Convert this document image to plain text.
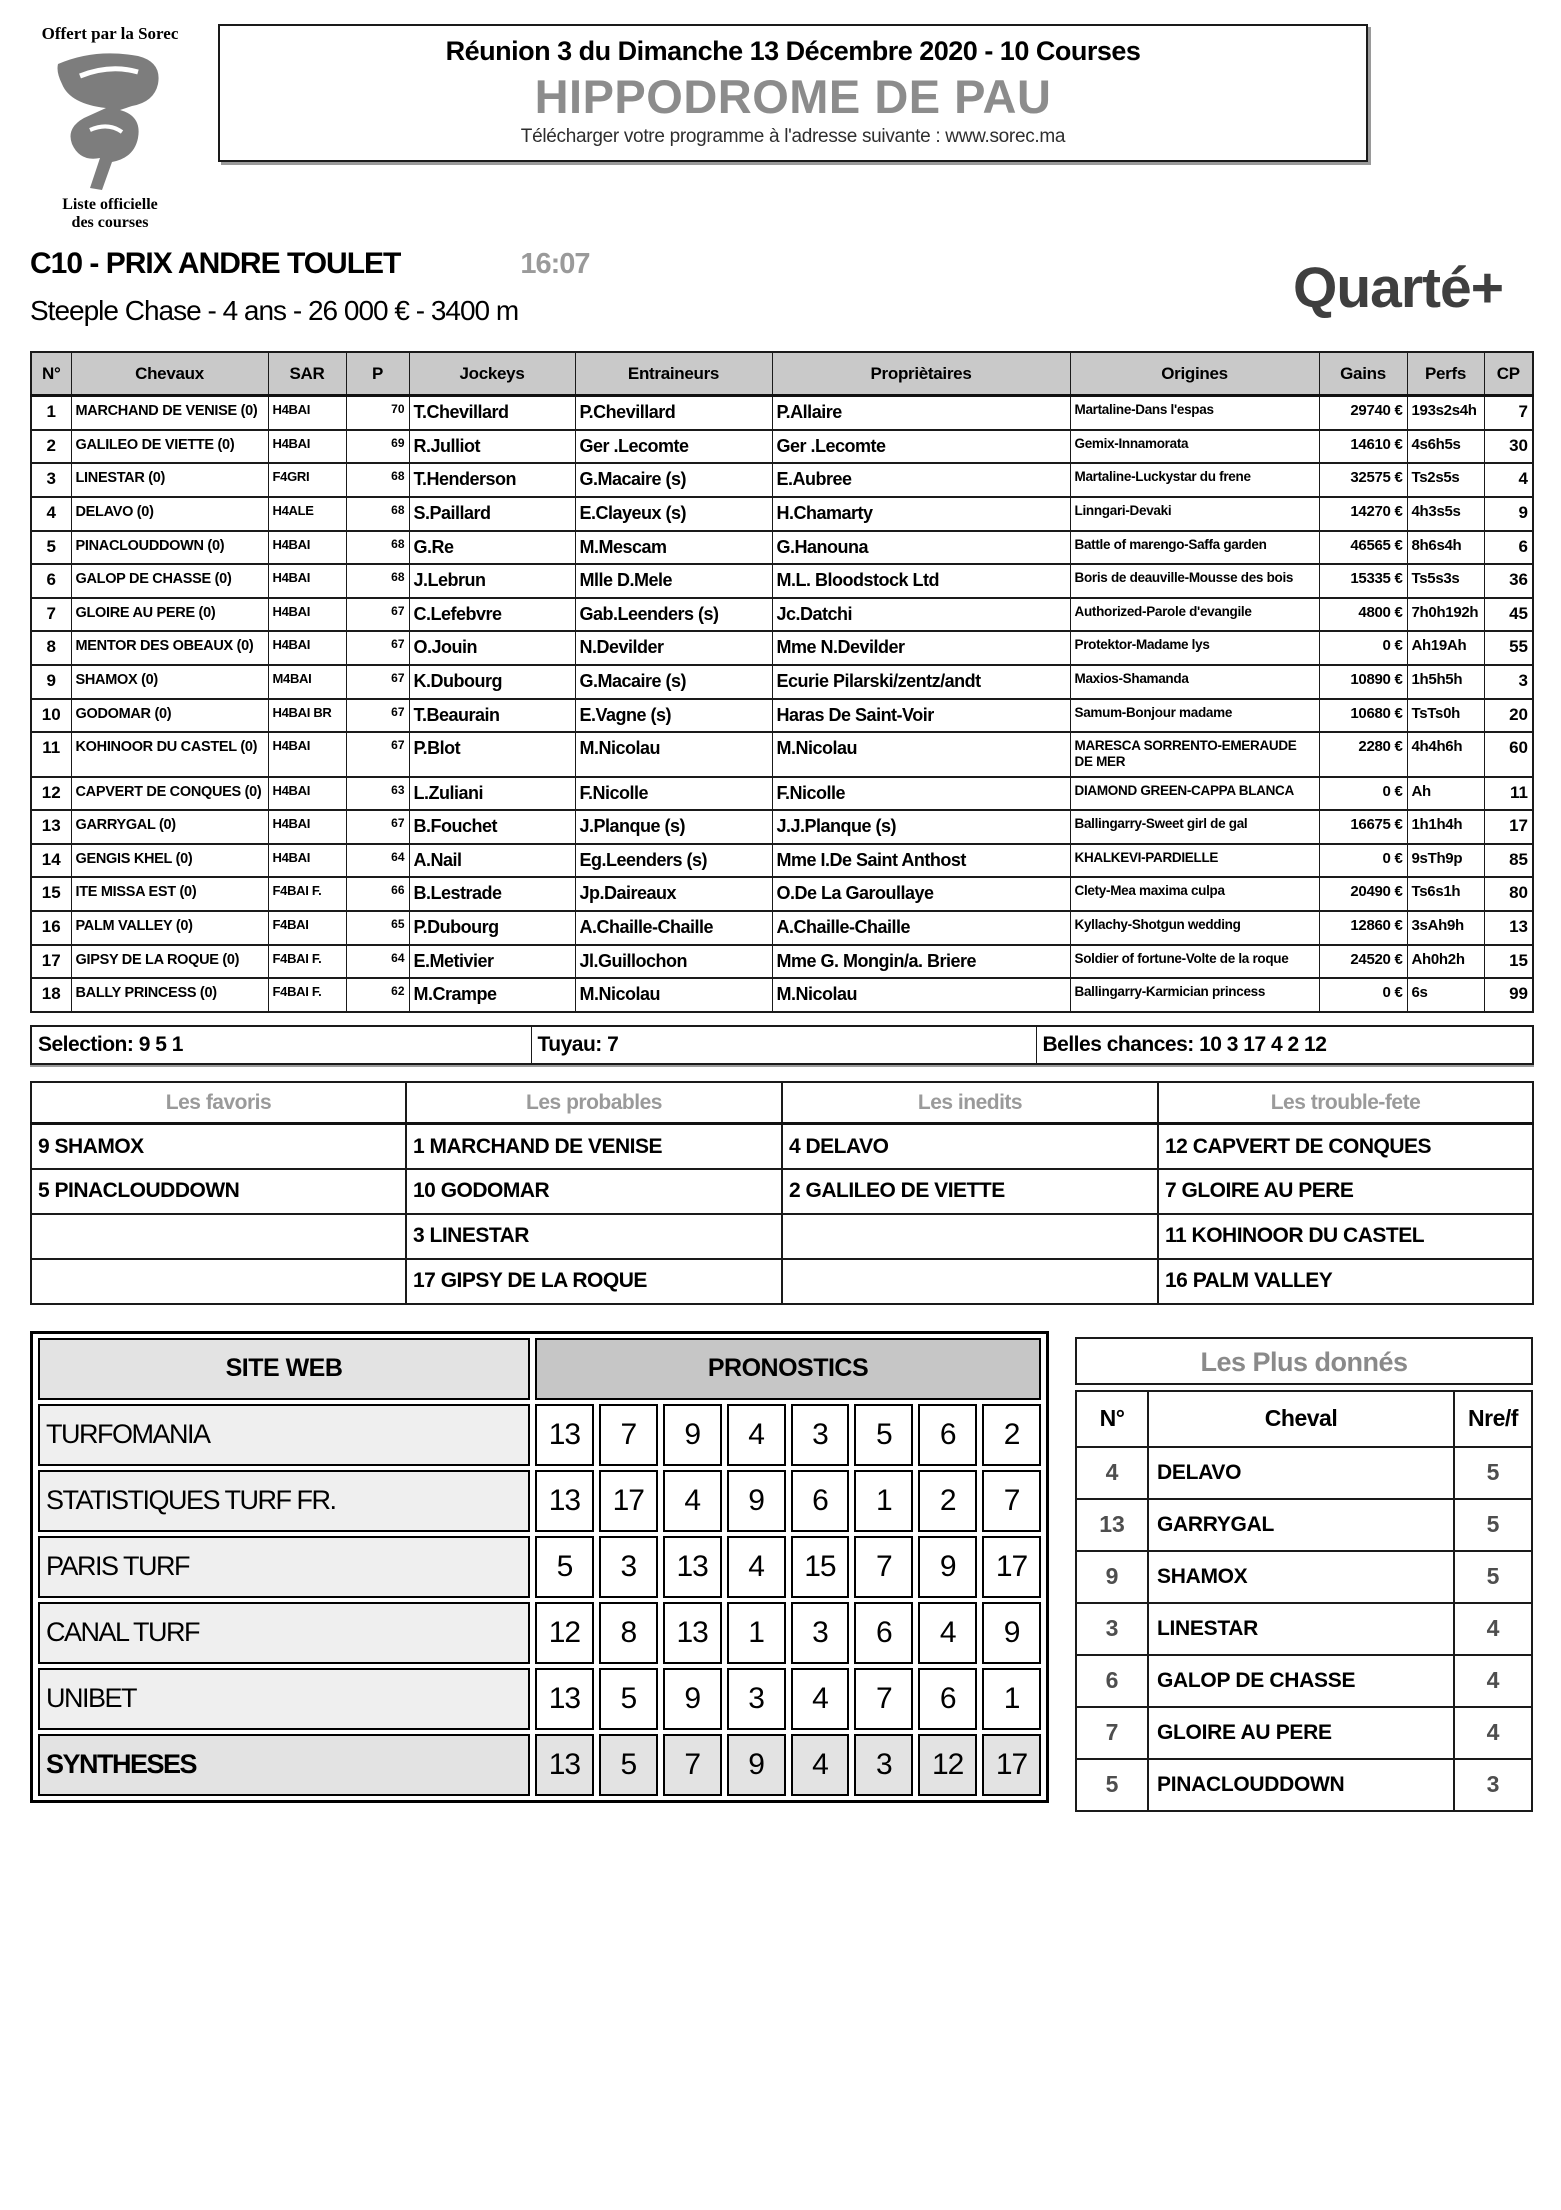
Offert par la Sorec
Liste officielle des courses
Réunion 3 du Dimanche 13 Décembre 2020 - 10 Courses
HIPPODROME DE PAU
Télécharger votre programme à l'adresse suivante : www.sorec.ma
C10 - PRIX ANDRE TOULET	16:07	Quarté+
Steeple Chase - 4 ans - 26 000 € - 3400 m
N°	Chevaux	SAR	P	Jockeys	Entraineurs	Propriètaires	Origines	Gains	Perfs	CP
1	MARCHAND DE VENISE (0)	H4BAI	70	T.Chevillard	P.Chevillard	P.Allaire	Martaline-Dans l'espas	29740 €	193s2s4h	7
2	GALILEO DE VIETTE (0)	H4BAI	69	R.Julliot	Ger .Lecomte	Ger .Lecomte	Gemix-Innamorata	14610 €	4s6h5s	30
3	LINESTAR (0)	F4GRI	68	T.Henderson	G.Macaire (s)	E.Aubree	Martaline-Luckystar du frene	32575 €	Ts2s5s	4
4	DELAVO (0)	H4ALE	68	S.Paillard	E.Clayeux (s)	H.Chamarty	Linngari-Devaki	14270 €	4h3s5s	9
5	PINACLOUDDOWN (0)	H4BAI	68	G.Re	M.Mescam	G.Hanouna	Battle of marengo-Saffa garden	46565 €	8h6s4h	6
6	GALOP DE CHASSE (0)	H4BAI	68	J.Lebrun	Mlle D.Mele	M.L. Bloodstock Ltd	Boris de deauville-Mousse des bois	15335 €	Ts5s3s	36
7	GLOIRE AU PERE (0)	H4BAI	67	C.Lefebvre	Gab.Leenders (s)	Jc.Datchi	Authorized-Parole d'evangile	4800 €	7h0h192h	45
8	MENTOR DES OBEAUX (0)	H4BAI	67	O.Jouin	N.Devilder	Mme N.Devilder	Protektor-Madame lys	0 €	Ah19Ah	55
9	SHAMOX (0)	M4BAI	67	K.Dubourg	G.Macaire (s)	Ecurie Pilarski/zentz/andt	Maxios-Shamanda	10890 €	1h5h5h	3
10	GODOMAR (0)	H4BAI BR	67	T.Beaurain	E.Vagne (s)	Haras De Saint-Voir	Samum-Bonjour madame	10680 €	TsTs0h	20
11	KOHINOOR DU CASTEL (0)	H4BAI	67	P.Blot	M.Nicolau	M.Nicolau	MARESCA SORRENTO-EMERAUDE DE MER	2280 €	4h4h6h	60
12	CAPVERT DE CONQUES (0)	H4BAI	63	L.Zuliani	F.Nicolle	F.Nicolle	DIAMOND GREEN-CAPPA BLANCA	0 €	Ah	11
13	GARRYGAL (0)	H4BAI	67	B.Fouchet	J.Planque (s)	J.J.Planque (s)	Ballingarry-Sweet girl de gal	16675 €	1h1h4h	17
14	GENGIS KHEL (0)	H4BAI	64	A.Nail	Eg.Leenders (s)	Mme I.De Saint Anthost	KHALKEVI-PARDIELLE	0 €	9sTh9p	85
15	ITE MISSA EST (0)	F4BAI F.	66	B.Lestrade	Jp.Daireaux	O.De La Garoullaye	Clety-Mea maxima culpa	20490 €	Ts6s1h	80
16	PALM VALLEY (0)	F4BAI	65	P.Dubourg	A.Chaille-Chaille	A.Chaille-Chaille	Kyllachy-Shotgun wedding	12860 €	3sAh9h	13
17	GIPSY DE LA ROQUE (0)	F4BAI F.	64	E.Metivier	Jl.Guillochon	Mme G. Mongin/a. Briere	Soldier of fortune-Volte de la roque	24520 €	Ah0h2h	15
18	BALLY PRINCESS (0)	F4BAI F.	62	M.Crampe	M.Nicolau	M.Nicolau	Ballingarry-Karmician princess	0 €	6s	99
Selection: 9 5 1	Tuyau: 7	Belles chances: 10 3 17 4 2 12
Les favoris	Les probables	Les inedits	Les trouble-fete
9 SHAMOX	1 MARCHAND DE VENISE	4 DELAVO	12 CAPVERT DE CONQUES
5 PINACLOUDDOWN	10 GODOMAR	2 GALILEO DE VIETTE	7 GLOIRE AU PERE
	3 LINESTAR		11 KOHINOOR DU CASTEL
	17 GIPSY DE LA ROQUE		16 PALM VALLEY
SITE WEB	PRONOSTICS							
TURFOMANIA	13	7	9	4	3	5	6	2
STATISTIQUES TURF FR.	13	17	4	9	6	1	2	7
PARIS TURF	5	3	13	4	15	7	9	17
CANAL TURF	12	8	13	1	3	6	4	9
UNIBET	13	5	9	3	4	7	6	1
SYNTHESES	13	5	7	9	4	3	12	17
Les Plus donnés
N°	Cheval	Nre/f
4	DELAVO	5
13	GARRYGAL	5
9	SHAMOX	5
3	LINESTAR	4
6	GALOP DE CHASSE	4
7	GLOIRE AU PERE	4
5	PINACLOUDDOWN	3
